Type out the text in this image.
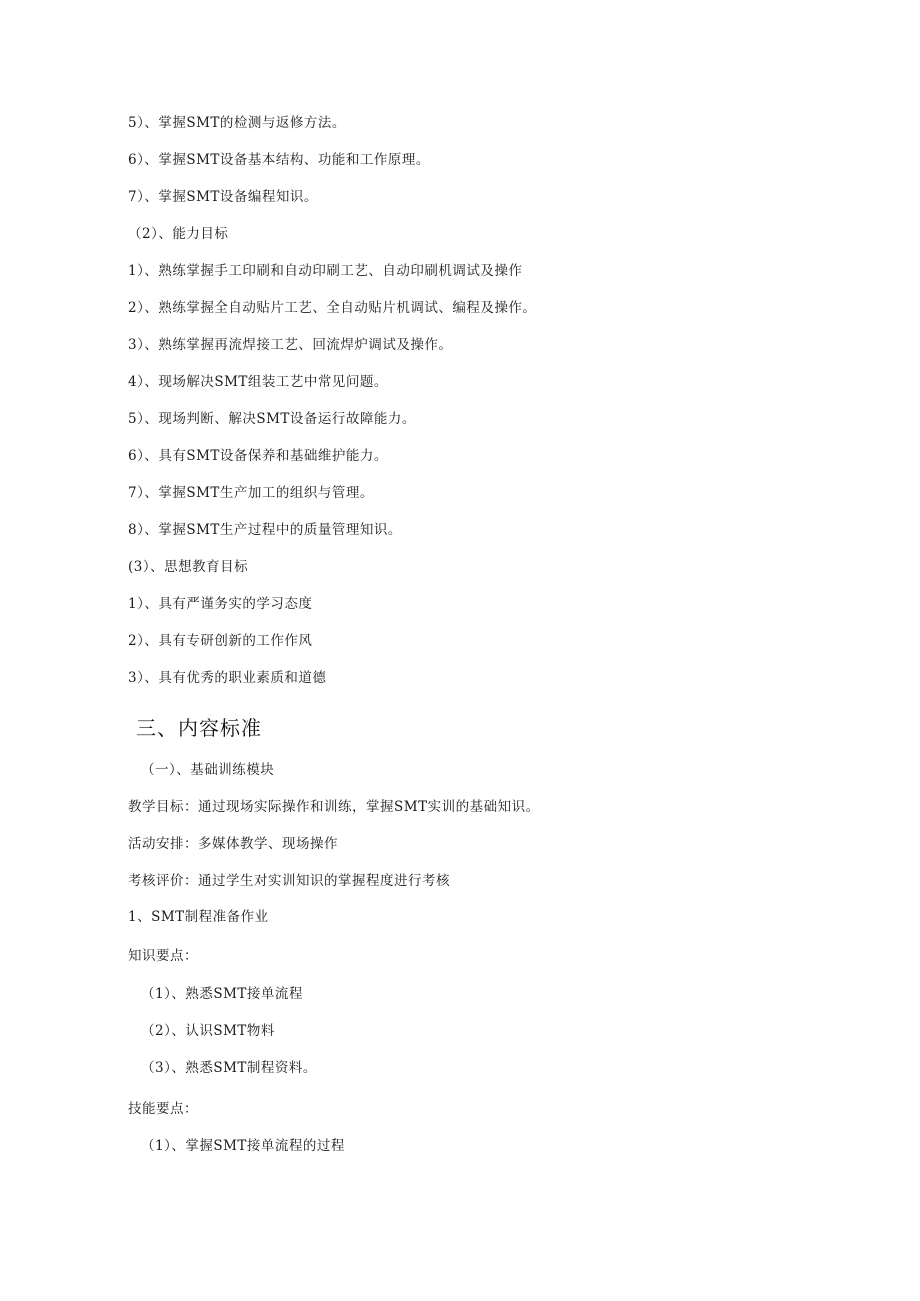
5）、掌握SMT的检测与返修方法。
6）、掌握SMT设备基本结构、功能和工作原理。
7）、掌握SMT设备编程知识。
（2）、能力目标
1）、熟练掌握手工印刷和自动印刷工艺、自动印刷机调试及操作
2）、熟练掌握全自动贴片工艺、全自动贴片机调试、编程及操作。
3）、熟练掌握再流焊接工艺、回流焊炉调试及操作。
4）、现场解决SMT组装工艺中常见问题。
5）、现场判断、解决SMT设备运行故障能力。
6）、具有SMT设备保养和基础维护能力。
7）、掌握SMT生产加工的组织与管理。
8）、掌握SMT生产过程中的质量管理知识。
(3）、思想教育目标
1）、具有严谨务实的学习态度
2）、具有专研创新的工作作风
3）、具有优秀的职业素质和道德
三、内容标准
（一）、基础训练模块
教学目标：通过现场实际操作和训练，掌握SMT实训的基础知识。
活动安排：多媒体教学、现场操作
考核评价：通过学生对实训知识的掌握程度进行考核
1、SMT制程准备作业
知识要点：
（1）、熟悉SMT接单流程
（2）、认识SMT物料
（3）、熟悉SMT制程资料。
技能要点：
（1）、掌握SMT接单流程的过程
